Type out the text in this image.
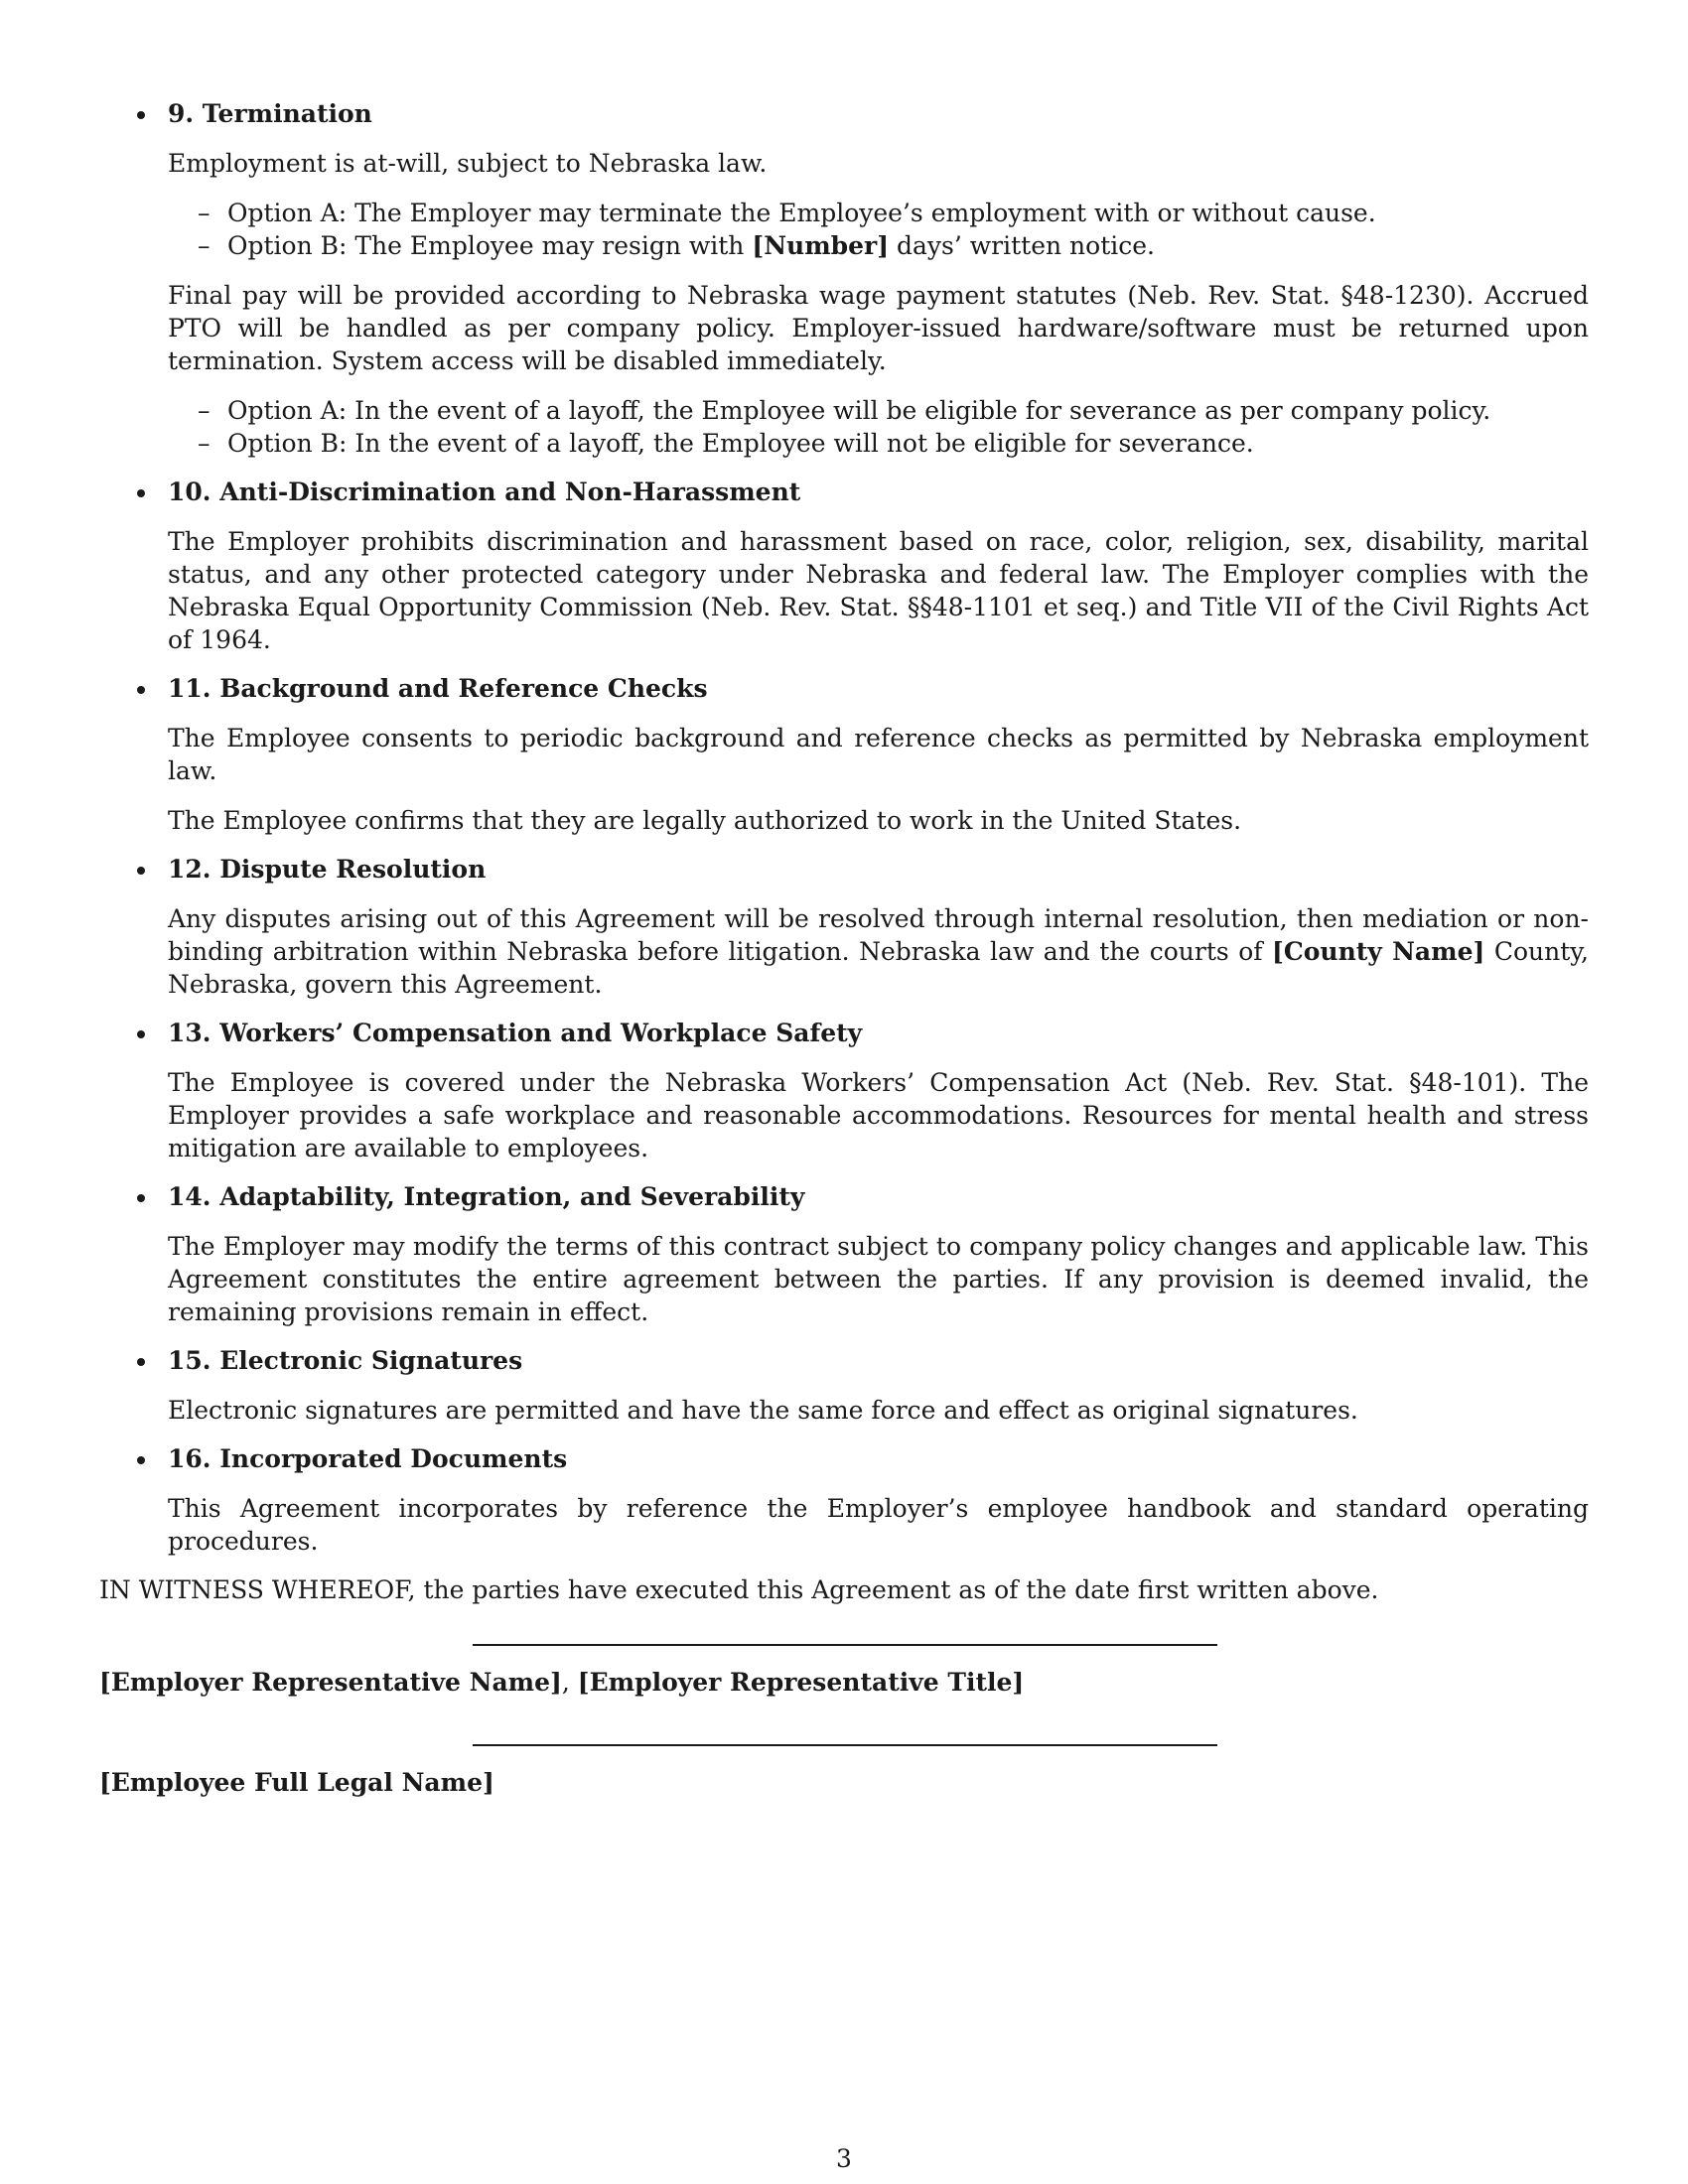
9. Termination
Employment is at-will, subject to Nebraska law.
– Option A: The Employer may terminate the Employee’s employment with or without cause.
– Option B: The Employee may resign with [Number] days’ written notice.
Final pay will be provided according to Nebraska wage payment statutes (Neb. Rev. Stat. §48-1230). Accrued PTO will be handled as per company policy. Employer-issued hardware/software must be returned upon termination. System access will be disabled immediately.
– Option A: In the event of a layoff, the Employee will be eligible for severance as per company policy.
– Option B: In the event of a layoff, the Employee will not be eligible for severance.
10. Anti-Discrimination and Non-Harassment
The Employer prohibits discrimination and harassment based on race, color, religion, sex, disability, marital status, and any other protected category under Nebraska and federal law. The Employer complies with the Nebraska Equal Opportunity Commission (Neb. Rev. Stat. §§48-1101 et seq.) and Title VII of the Civil Rights Act of 1964.
11. Background and Reference Checks
The Employee consents to periodic background and reference checks as permitted by Nebraska employment law.
The Employee confirms that they are legally authorized to work in the United States.
12. Dispute Resolution
Any disputes arising out of this Agreement will be resolved through internal resolution, then mediation or non-binding arbitration within Nebraska before litigation. Nebraska law and the courts of [County Name] County, Nebraska, govern this Agreement.
13. Workers’ Compensation and Workplace Safety
The Employee is covered under the Nebraska Workers’ Compensation Act (Neb. Rev. Stat. §48-101). The Employer provides a safe workplace and reasonable accommodations. Resources for mental health and stress mitigation are available to employees.
14. Adaptability, Integration, and Severability
The Employer may modify the terms of this contract subject to company policy changes and applicable law. This Agreement constitutes the entire agreement between the parties. If any provision is deemed invalid, the remaining provisions remain in effect.
15. Electronic Signatures
Electronic signatures are permitted and have the same force and effect as original signatures.
16. Incorporated Documents
This Agreement incorporates by reference the Employer’s employee handbook and standard operating procedures.
IN WITNESS WHEREOF, the parties have executed this Agreement as of the date first written above.
[Employer Representative Name], [Employer Representative Title]
[Employee Full Legal Name]
3
